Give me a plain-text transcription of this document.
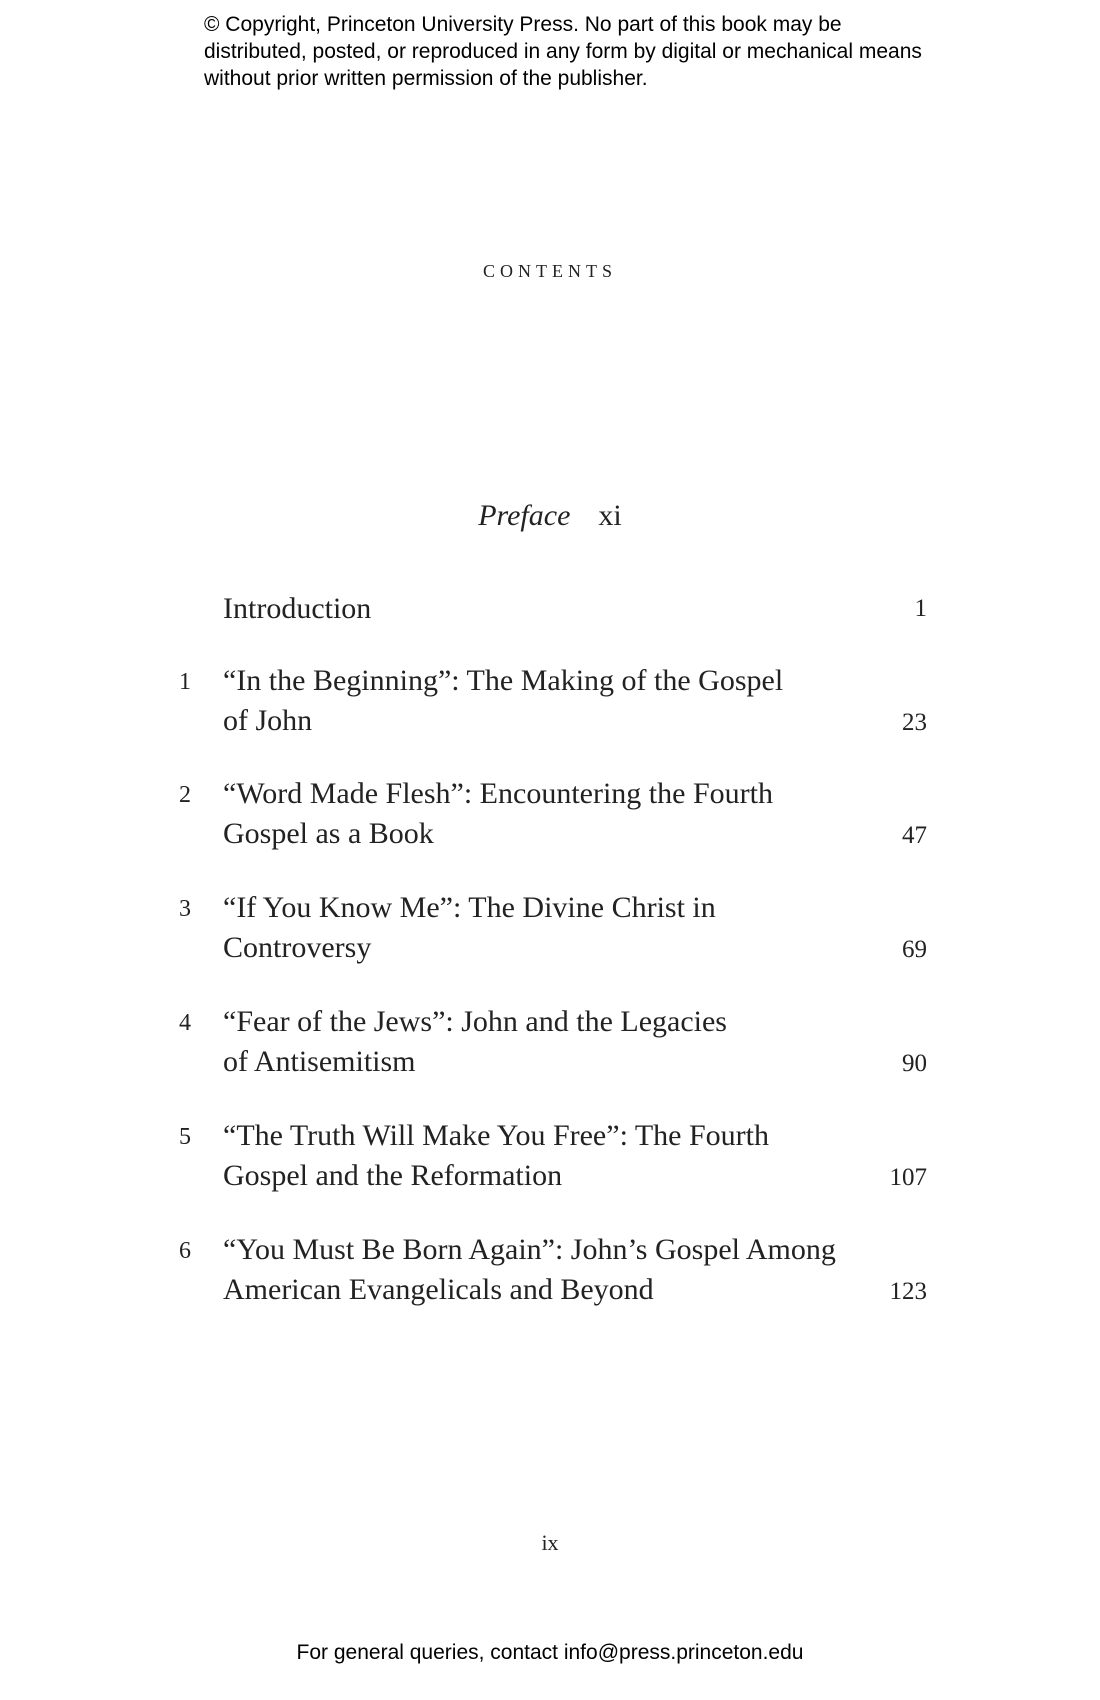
© Copyright, Princeton University Press. No part of this book may be distributed, posted, or reproduced in any form by digital or mechanical means without prior written permission of the publisher.
contents
Preface xi
Introduction	1
1	“In the Beginning”: The Making of the Gospel
of John	23
2	“Word Made Flesh”: Encountering the Fourth
Gospel as a Book	47
3	“If You Know Me”: The Divine Christ in
Controversy	69
4	“Fear of the Jews”: John and the Legacies
of Antisemitism	90
5	“The Truth Will Make You Free”: The Fourth
Gospel and the Reformation	107
6	“You Must Be Born Again”: John’s Gospel Among
American Evangelicals and Beyond	123
ix
For general queries, contact info@press.princeton.edu
